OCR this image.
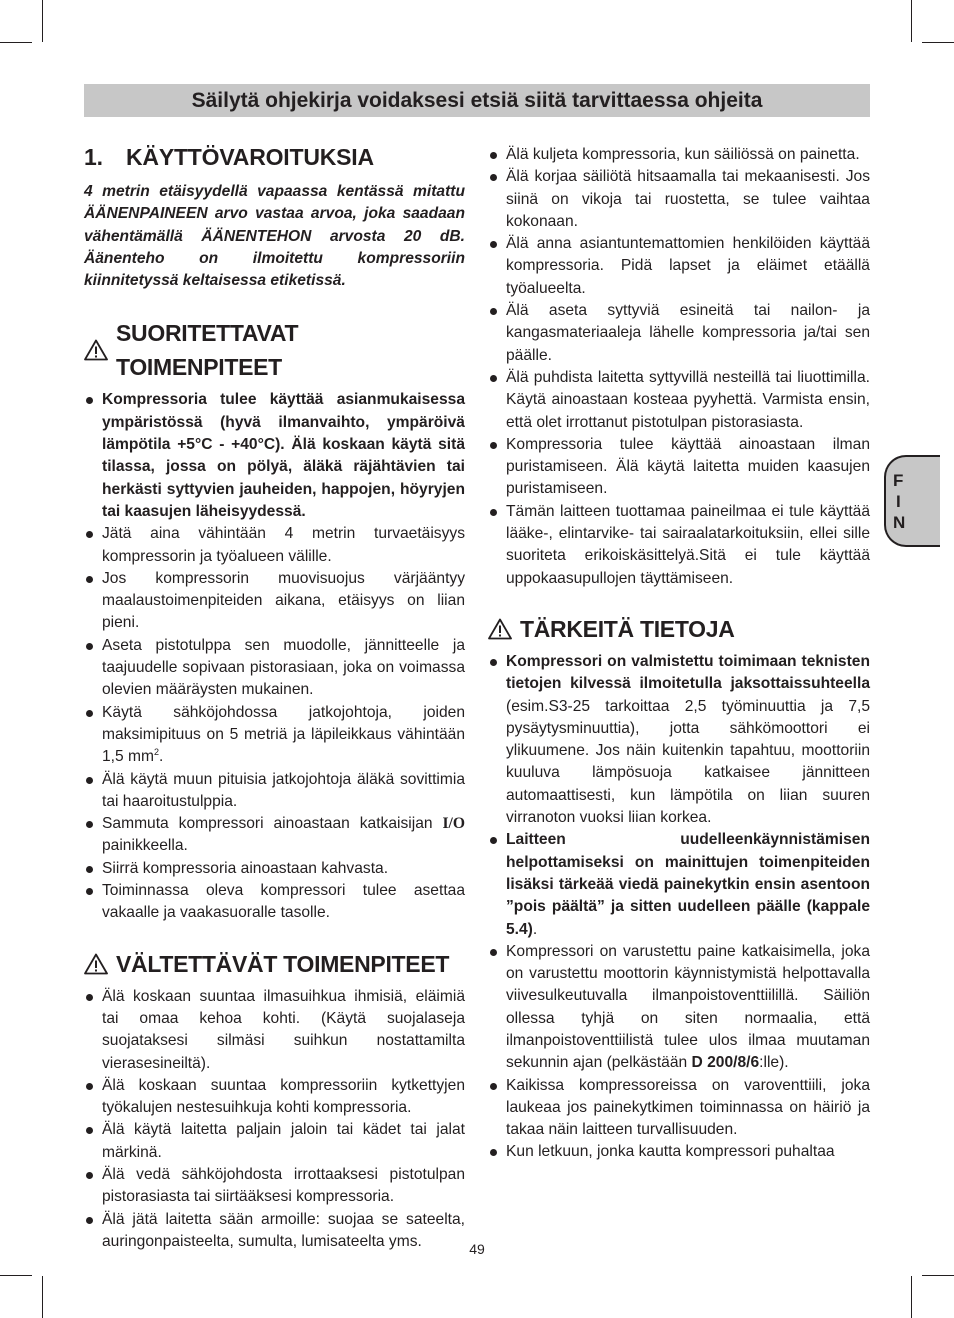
Säilytä ohjekirja voidaksesi etsiä siitä tarvittaessa ohjeita
1.	KÄYTTÖVAROITUKSIA

4 metrin etäisyydellä vapaassa kentässä mitattu ÄÄNENPAINEEN arvo vastaa arvoa, joka saadaan vähentämällä ÄÄNENTEHON arvosta 20 dB. Äänenteho on ilmoitettu kompressoriin kiinnitetyssä keltaisessa etiketissä.

SUORITETTAVAT TOIMENPITEET
Kompressoria tulee käyttää asianmukaisessa ympäristössä (hyvä ilmanvaihto, ympäröivä lämpötila +5°C - +40°C). Älä koskaan käytä sitä tilassa, jossa on pölyä, äläkä räjähtävien tai herkästi syttyvien jauheiden, happojen, höyryjen tai kaasujen läheisyydessä.
Jätä aina vähintään 4 metrin turvaetäisyys kompressorin ja työalueen välille.
Jos kompressorin muovisuojus värjääntyy maalaustoimenpiteiden aikana, etäisyys on liian pieni.
Aseta pistotulppa sen muodolle, jännitteelle ja taajuudelle sopivaan pistorasiaan, joka on voimassa olevien määräysten mukainen.
Käytä sähköjohdossa jatkojohtoja, joiden maksimipituus on 5 metriä ja läpileikkaus vähintään 1,5 $mm^2$.
Älä käytä muun pituisia jatkojohtoja äläkä sovittimia tai haaroitustulppia.
Sammuta kompressori ainoastaan katkaisijan I/O painikkeella.
Siirrä kompressoria ainoastaan kahvasta.
Toiminnassa oleva kompressori tulee asettaa vakaalle ja vaakasuoralle tasolle.
VÄLTETTÄVÄT TOIMENPITEET
Älä koskaan suuntaa ilmasuihkua ihmisiä, eläimiä tai omaa kehoa kohti. (Käytä suojalaseja suojataksesi silmäsi suihkun nostattamilta vierasesineiltä).
Älä koskaan suuntaa kompressoriin kytkettyjen työkalujen nestesuihkuja kohti kompressoria.
Älä käytä laitetta paljain jaloin tai kädet tai jalat märkinä.
Älä vedä sähköjohdosta irrottaaksesi pistotulpan pistorasiasta tai siirtääksesi kompressoria.
Älä jätä laitetta sään armoille: suojaa se sateelta, auringonpaisteelta, sumulta, lumisateelta yms.
Älä kuljeta kompressoria, kun säiliössä on painetta.
Älä korjaa säiliötä hitsaamalla tai mekaanisesti. Jos siinä on vikoja tai ruostetta, se tulee vaihtaa kokonaan.
Älä anna asiantuntemattomien henkilöiden käyttää kompressoria. Pidä lapset ja eläimet etäällä työalueelta.
Älä aseta syttyviä esineitä tai nailon- ja kangasmateriaaleja lähelle kompressoria ja/tai sen päälle.
Älä puhdista laitetta syttyvillä nesteillä tai liuottimilla. Käytä ainoastaan kosteaa pyyhettä. Varmista ensin, että olet irrottanut pistotulpan pistorasiasta.
Kompressoria tulee käyttää ainoastaan ilman puristamiseen. Älä käytä laitetta muiden kaasujen puristamiseen.
Tämän laitteen tuottamaa paineilmaa ei tule käyttää lääke-, elintarvike- tai sairaalatarkoituksiin, ellei sille suoriteta erikoiskäsittelyä.Sitä ei tule käyttää uppokaasupullojen täyttämiseen.
TÄRKEITÄ TIETOJA
Kompressori on valmistettu toimimaan teknisten tietojen kilvessä ilmoitetulla jaksottaissuhteella (esim.S3-25 tarkoittaa 2,5 työminuuttia ja 7,5 pysäytysminuuttia), jotta sähkömoottori ei ylikuumene. Jos näin kuitenkin tapahtuu, moottoriin kuuluva lämpösuoja katkaisee jännitteen automaattisesti, kun lämpötila on liian suuren virranoton vuoksi liian korkea.
Laitteen uudelleenkäynnistämisen helpottamiseksi on mainittujen toimenpiteiden lisäksi tärkeää viedä painekytkin ensin asentoon ”pois päältä” ja sitten uudelleen päälle (kappale 5.4).
Kompressori on varustettu paine katkaisimella, joka on varustettu moottorin käynnistymistä helpottavalla viivesulkeutuvalla ilmanpoistoventtiilillä. Säiliön ollessa tyhjä on siten normaalia, että ilmanpoistoventtiilistä tulee ulos ilmaa muutaman sekunnin ajan (pelkästään D 200/8/6:lle).
Kaikissa kompressoreissa on varoventtiili, joka laukeaa jos painekytkimen toiminnassa on häiriö ja takaa näin laitteen turvallisuuden.
Kun letkuun, jonka kautta kompressori puhaltaa
F
I
N
49
